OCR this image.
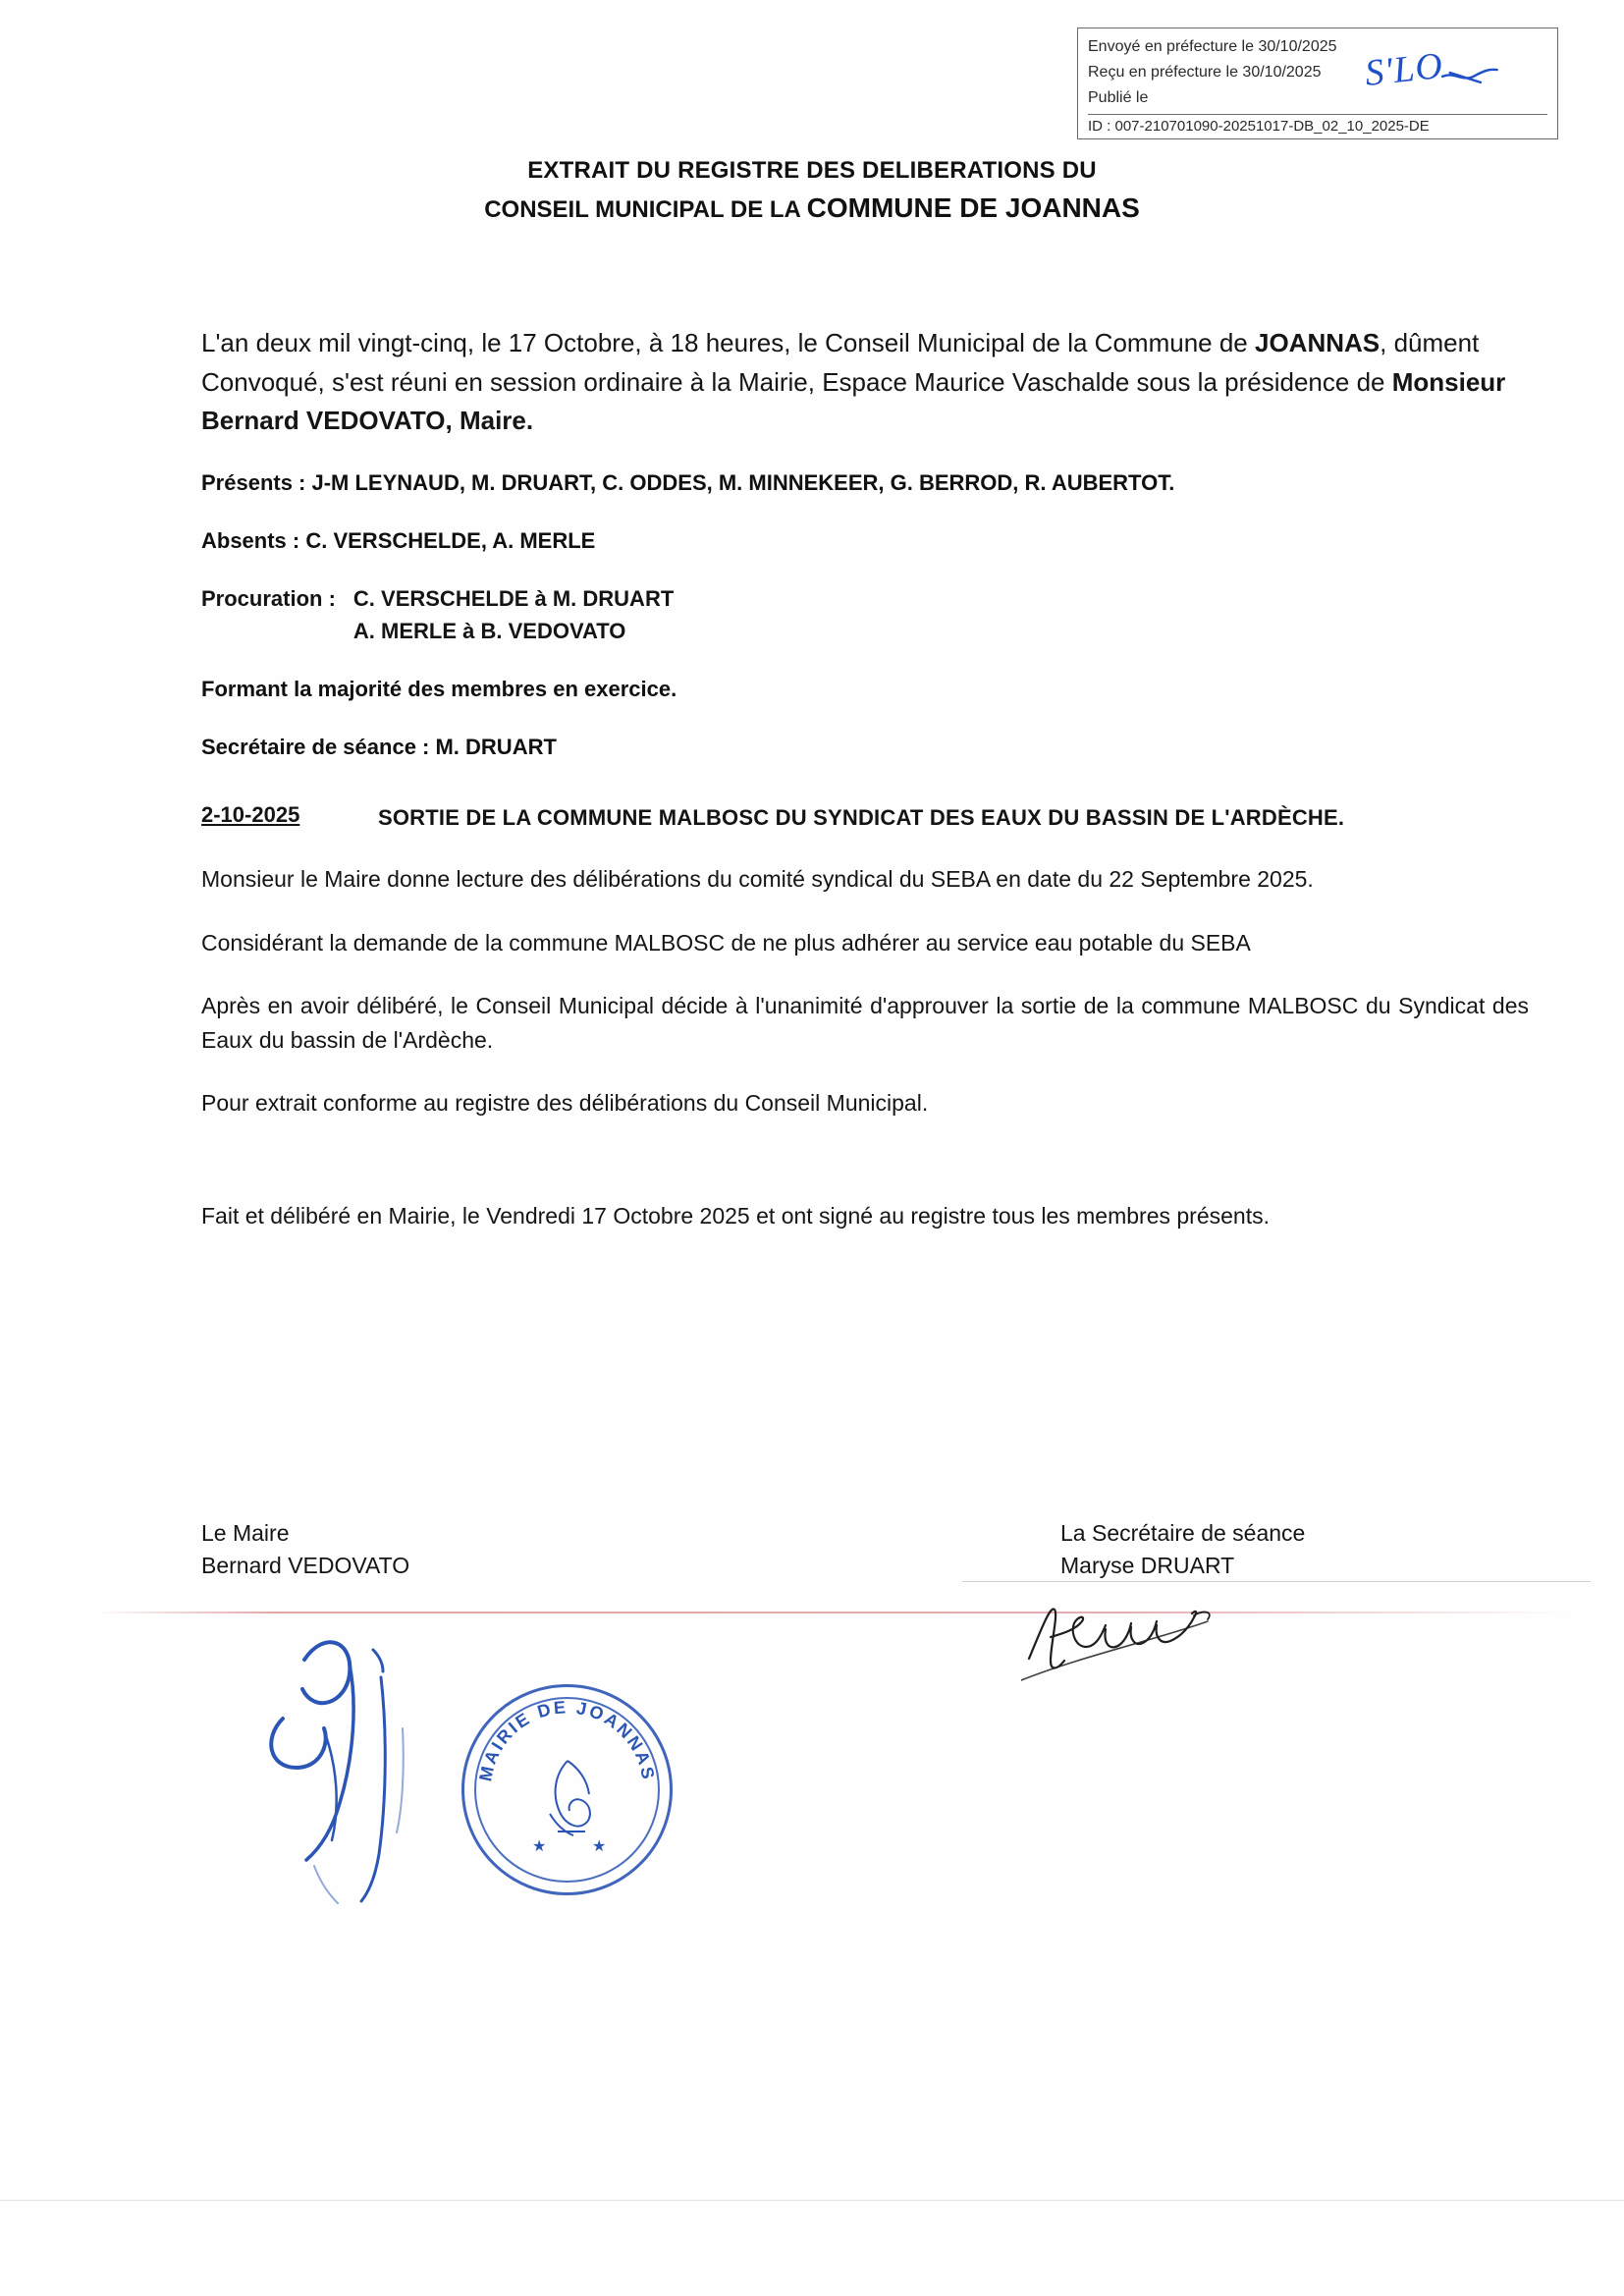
Envoyé en préfecture le 30/10/2025
Reçu en préfecture le 30/10/2025
Publié le
ID : 007-210701090-20251017-DB_02_10_2025-DE
S'LO
EXTRAIT DU REGISTRE DES DELIBERATIONS DU
CONSEIL MUNICIPAL DE LA COMMUNE DE JOANNAS
L'an deux mil vingt-cinq, le 17 Octobre, à 18 heures, le Conseil Municipal de la Commune de JOANNAS, dûment
Convoqué, s'est réuni en session ordinaire à la Mairie, Espace Maurice Vaschalde sous la présidence de Monsieur Bernard VEDOVATO, Maire.
Présents : J-M LEYNAUD, M. DRUART, C. ODDES, M. MINNEKEER, G. BERROD, R. AUBERTOT.
Absents : C. VERSCHELDE, A. MERLE
Procuration : C. VERSCHELDE à M. DRUART
A. MERLE à B. VEDOVATO
Formant la majorité des membres en exercice.
Secrétaire de séance : M. DRUART
2-10-2025	SORTIE DE LA COMMUNE MALBOSC DU SYNDICAT DES EAUX DU BASSIN DE L'ARDÈCHE.
Monsieur le Maire donne lecture des délibérations du comité syndical du SEBA en date du 22 Septembre 2025.
Considérant la demande de la commune MALBOSC de ne plus adhérer au service eau potable du SEBA
Après en avoir délibéré, le Conseil Municipal décide à l'unanimité d'approuver la sortie de la commune MALBOSC du Syndicat des Eaux du bassin de l'Ardèche.
Pour extrait conforme au registre des délibérations du Conseil Municipal.
Fait et délibéré en Mairie, le Vendredi 17 Octobre 2025 et ont signé au registre tous les membres présents.
Le Maire
Bernard VEDOVATO
La Secrétaire de séance
Maryse DRUART
MAIRIE DE JOANNAS
★	★
